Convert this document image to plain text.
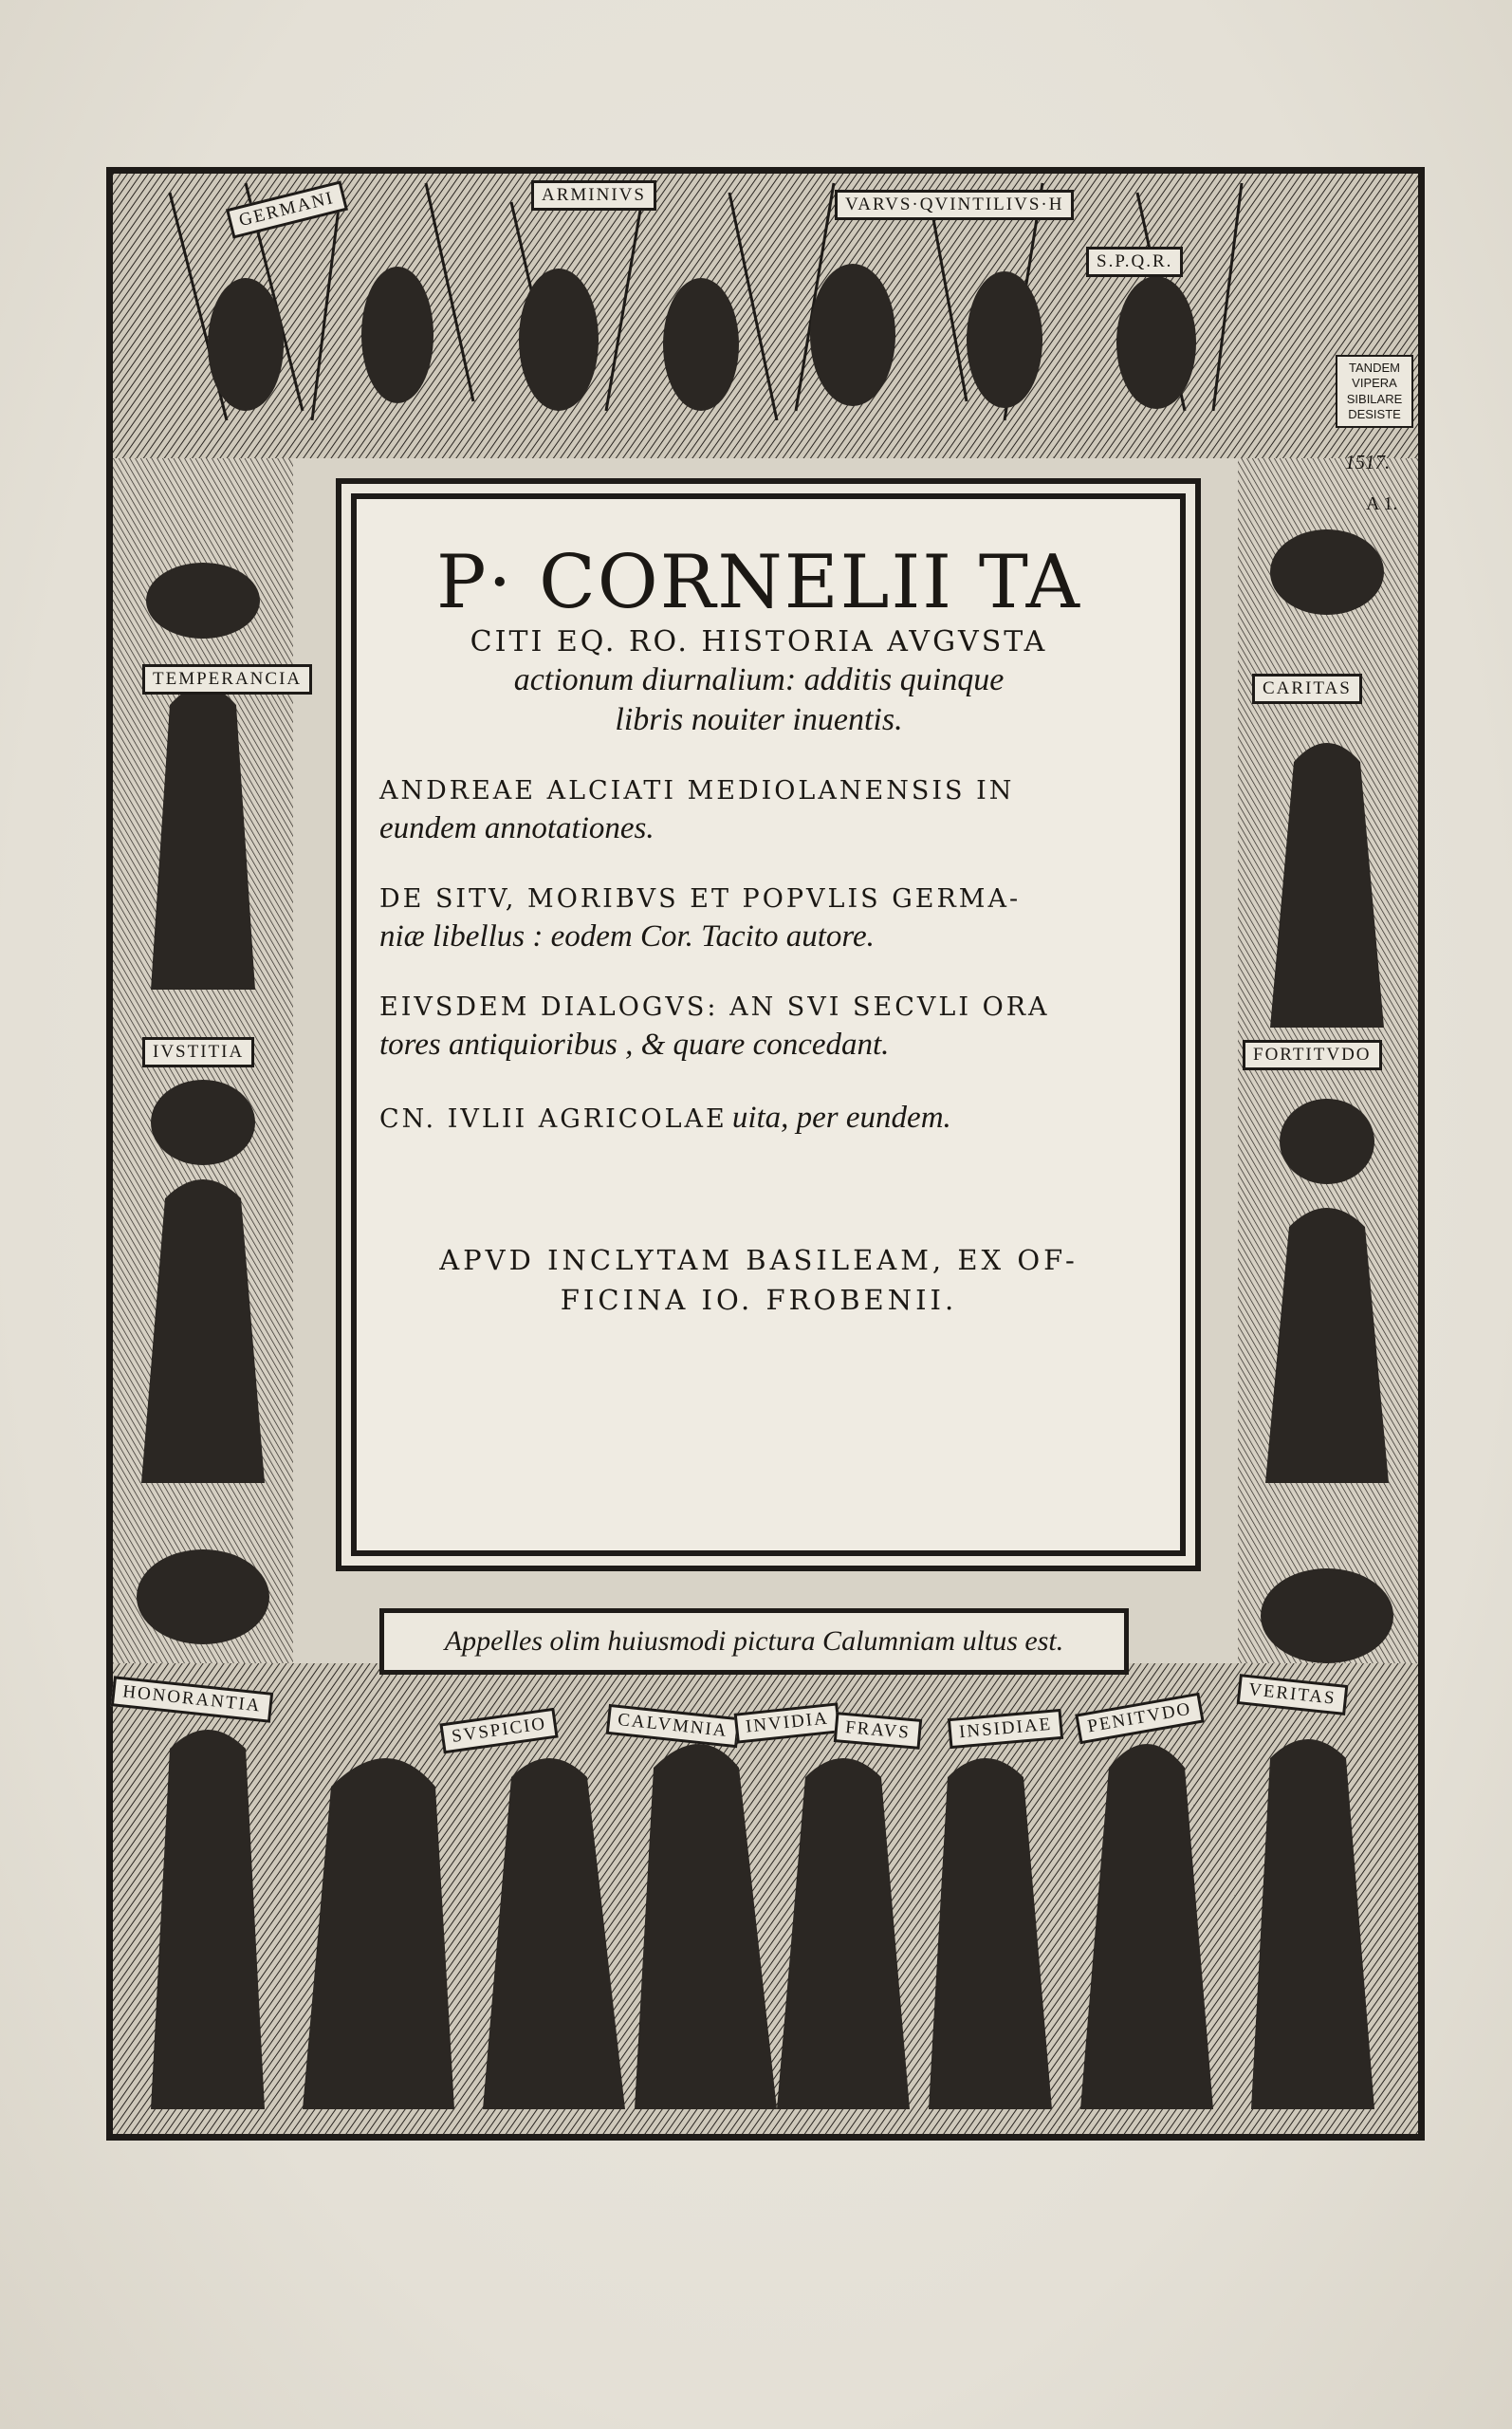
ARMINIVS	VARVS·QVINTILIVS·H
GERMANI
S.P.Q.R.
TANDEM
VIPERA
SIBILARE
DESISTE
1517.
A 1.
TEMPERANCIA	CARITAS
IVSTITIA	FORTITVDO
HONORANTIA	VERITAS
SVSPICIO	CALVMNIA INVIDIA FRAVS	INSIDIAE	PENITVDO
P· CORNELII TA
CITI EQ. RO. HISTORIA AVGVSTA
actionum diurnalium: additis quinque
libris nouiter inuentis.
ANDREAE ALCIATI MEDIOLANENSIS IN
eundem annotationes.
DE SITV, MORIBVS ET POPVLIS GERMA-
niæ libellus : eodem Cor. Tacito autore.
EIVSDEM DIALOGVS: AN SVI SECVLI ORA
tores antiquioribus , & quare concedant.
CN. IVLII AGRICOLAE uita, per eundem.
APVD INCLYTAM BASILEAM, EX OF-
FICINA IO. FROBENII.
Appelles olim huiusmodi pictura Calumniam ultus est.
